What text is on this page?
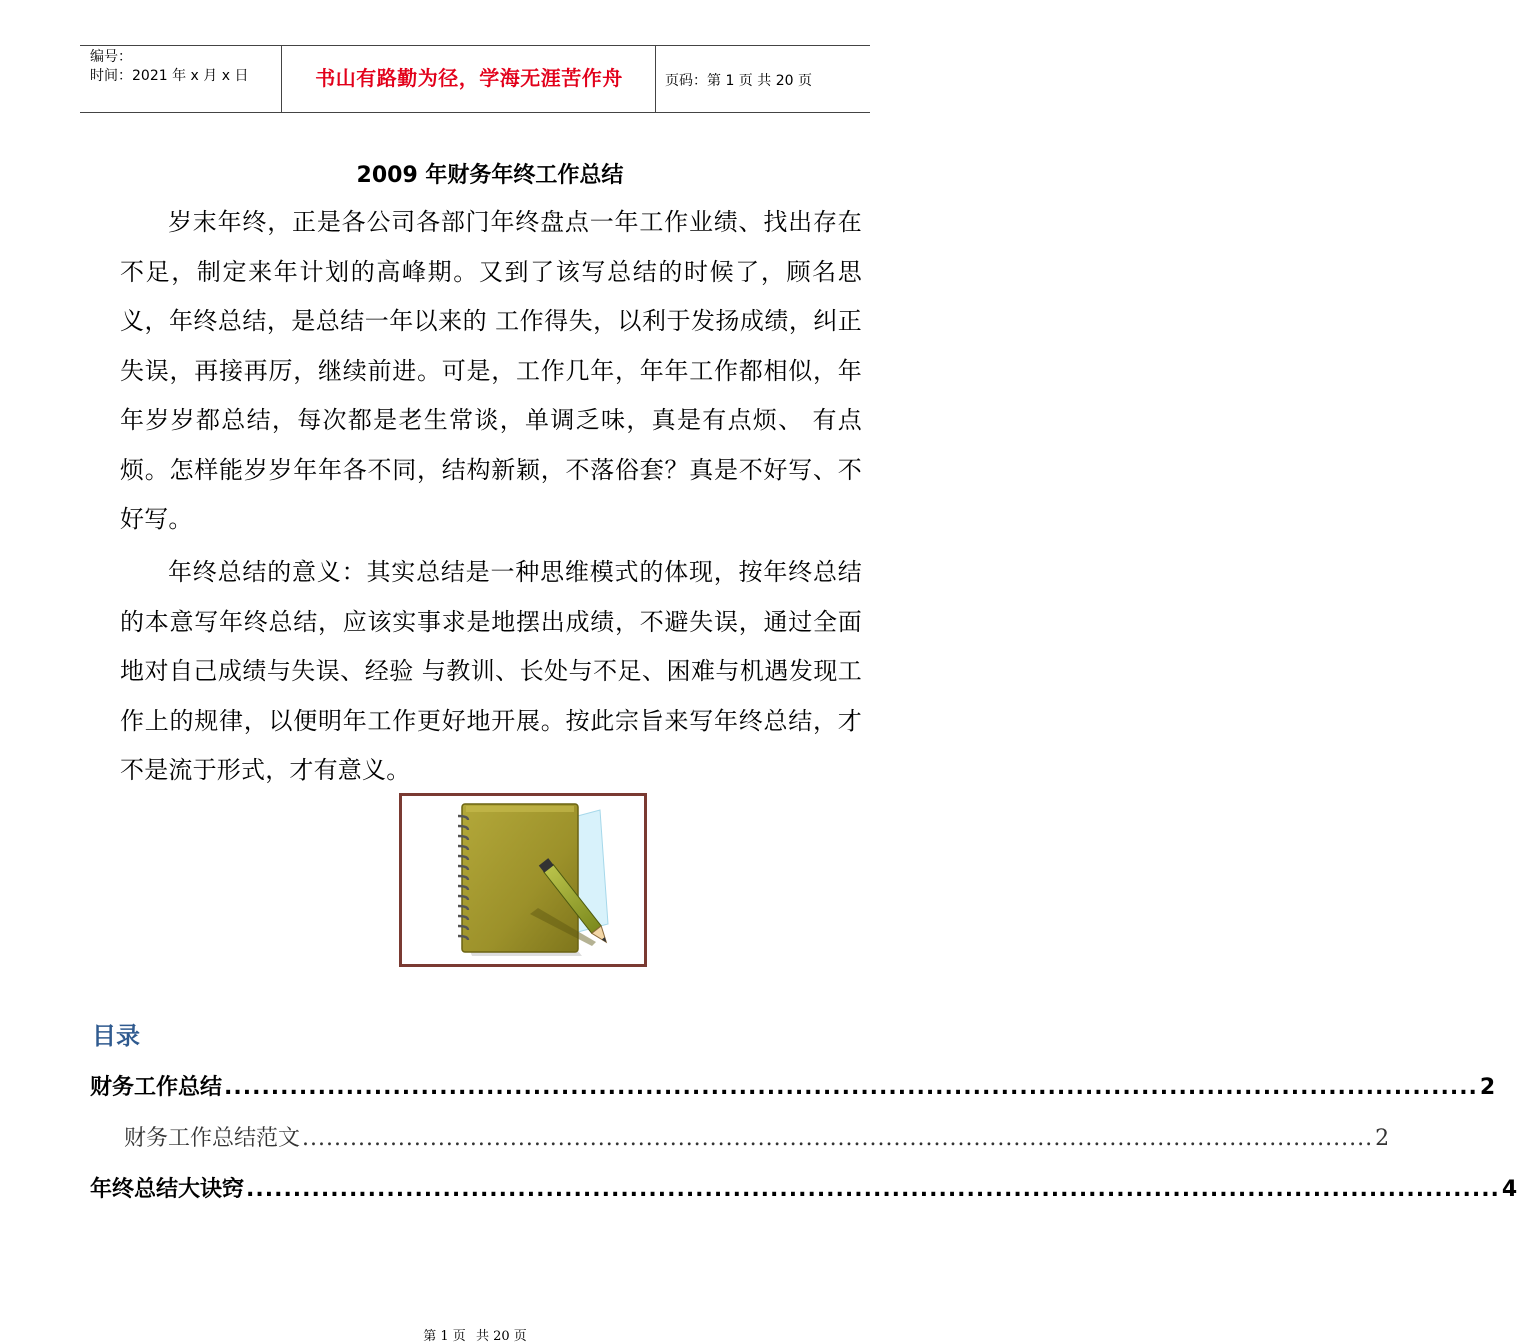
编号：
时间：2021 年 x 月 x 日	书山有路勤为径，学海无涯苦作舟	页码：第 1 页 共 20 页
2009 年财务年终工作总结
岁末年终，正是各公司各部门年终盘点一年工作业绩、找出存在不足，制定来年计划的高峰期。又到了该写总结的时候了，顾名思义，年终总结，是总结一年以来的 工作得失，以利于发扬成绩，纠正失误，再接再厉，继续前进。可是，工作几年，年年工作都相似，年年岁岁都总结，每次都是老生常谈，单调乏味，真是有点烦、 有点烦。怎样能岁岁年年各不同，结构新颖，不落俗套？真是不好写、不好写。
年终总结的意义：其实总结是一种思维模式的体现，按年终总结的本意写年终总结，应该实事求是地摆出成绩，不避失误，通过全面地对自己成绩与失误、经验 与教训、长处与不足、困难与机遇发现工作上的规律，以便明年工作更好地开展。按此宗旨来写年终总结，才不是流于形式，才有意义。
目录
财务工作总结 ...................................................................................................................................... 2
财务工作总结范文 ...................................................................................................................................... 2
年终总结大诀窍 ...................................................................................................................................... 4
第 1 页 共 20 页
